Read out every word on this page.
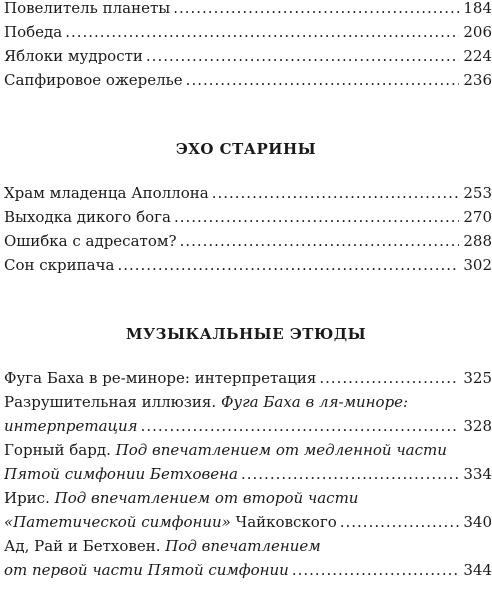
Повелитель планеты .....	184
Победа .....	206
Яблоки мудрости .....	224
Сапфировое ожерелье .....	236
ЭХО СТАРИНЫ
Храм младенца Аполлона .....	253
Выходка дикого бога .....	270
Ошибка с адресатом? .....	288
Сон скрипача .....	302
МУЗЫКАЛЬНЫЕ ЭТЮДЫ
Фуга Баха в ре-миноре: интерпретация .....	325
Разрушительная иллюзия. Фуга Баха в ля-миноре:
интерпретация .....	328
Горный бард. Под впечатлением от медленной части
Пятой симфонии Бетховена .....	334
Ирис. Под впечатлением от второй части
«Патетической симфонии» Чайковского .....	340
Ад, Рай и Бетховен. Под впечатлением
от первой части Пятой симфонии .....	344
